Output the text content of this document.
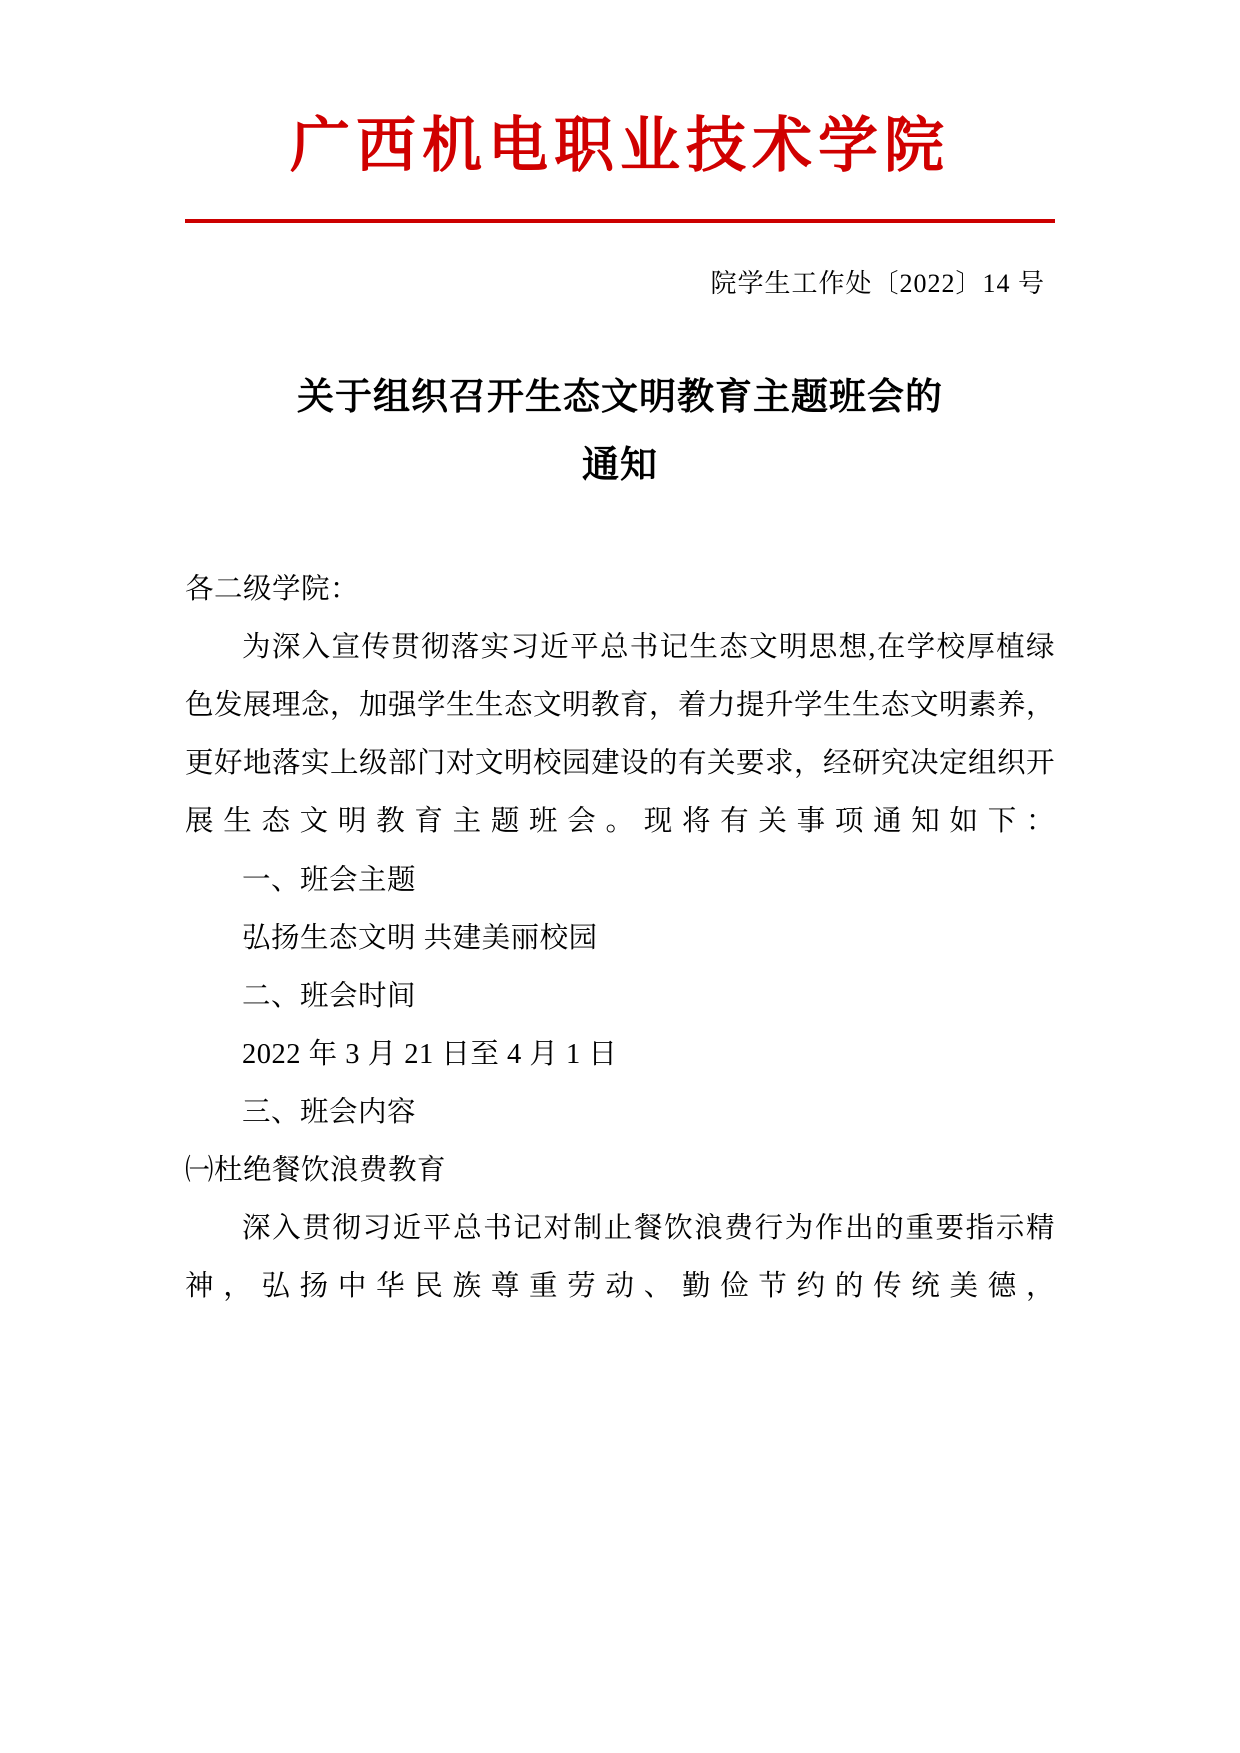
广西机电职业技术学院
院学生工作处〔2022〕14 号
关于组织召开生态文明教育主题班会的
通知

各二级学院：

为深入宣传贯彻落实习近平总书记生态文明思想,在学校厚植绿色发展理念，加强学生生态文明教育，着力提升学生生态文明素养，更好地落实上级部门对文明校园建设的有关要求，经研究决定组织开展生态文明教育主题班会。现将有关事项通知如下：

一、班会主题

弘扬生态文明 共建美丽校园

二、班会时间

2022 年 3 月 21 日至 4 月 1 日

三、班会内容

㈠杜绝餐饮浪费教育

深入贯彻习近平总书记对制止餐饮浪费行为作出的重要指示精神，弘扬中华民族尊重劳动、勤俭节约的传统美德，
